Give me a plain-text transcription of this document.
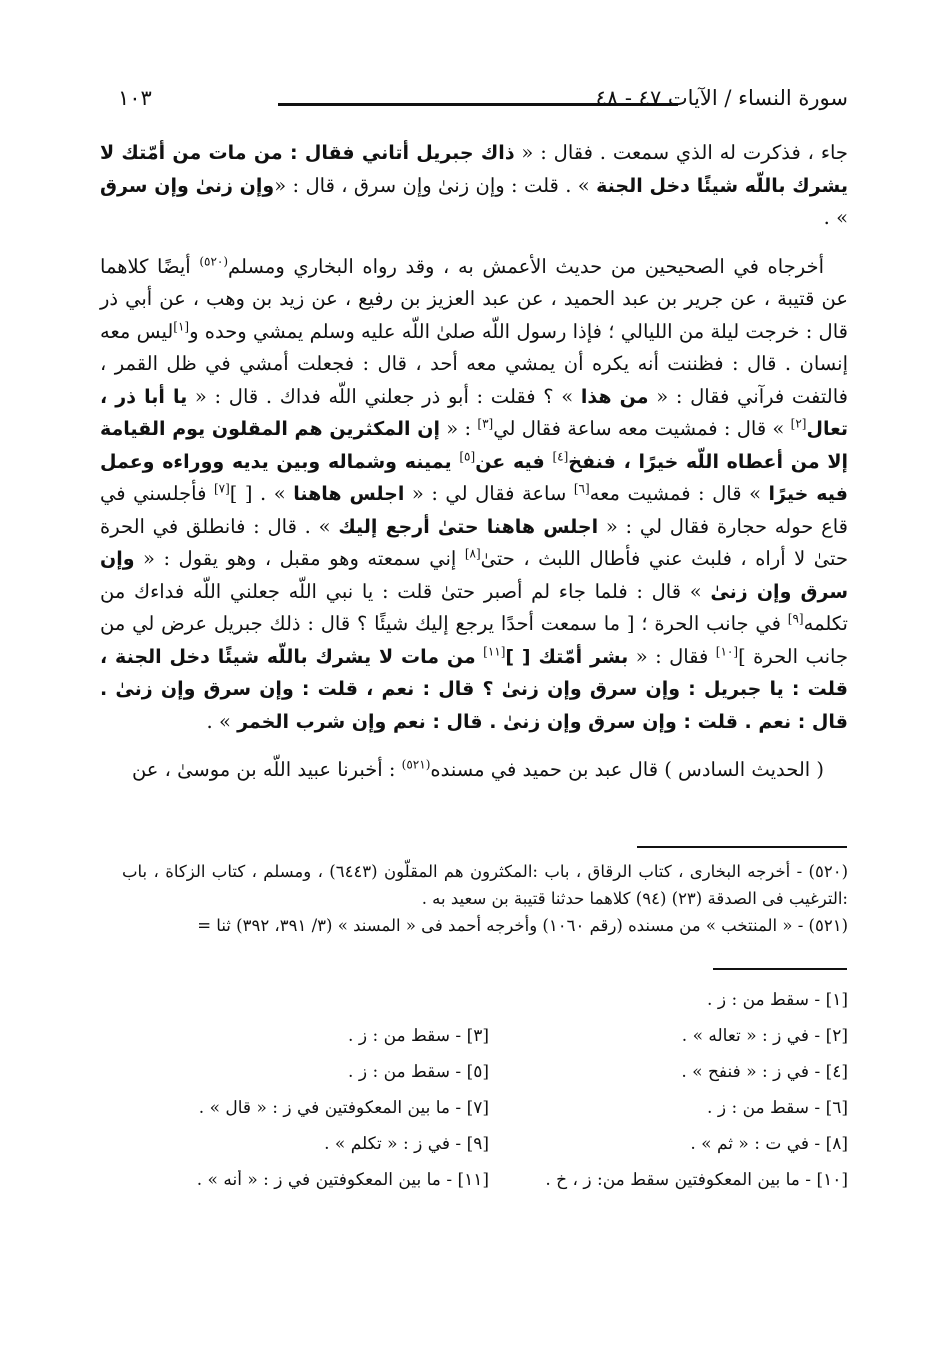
١٠٣	سورة النساء / الآيات ٤٧ - ٤٨

جاء ، فذكرت له الذي سمعت . فقال : « ذاك جبريل أتاني فقال : من مات من أمّتك لا يشرك باللّه شيئًا دخل الجنة » . قلت : وإن زنىٰ وإن سرق ، قال : «وإن زنىٰ وإن سرق » .

أخرجاه في الصحيحين من حديث الأعمش به ، وقد رواه البخاري ومسلم$^{(٥٢٠)}$ أيضًا كلاهما عن قتيبة ، عن جرير بن عبد الحميد ، عن عبد العزيز بن رفيع ، عن زيد بن وهب ، عن أبي ذر قال : خرجت ليلة من الليالي ؛ فإذا رسول اللّه صلىٰ اللّه عليه وسلم يمشي وحده و[١]ليس معه إنسان . قال : فظننت أنه يكره أن يمشي معه أحد ، قال : فجعلت أمشي في ظل القمر ، فالتفت فرآني فقال : « من هذا » ؟ فقلت : أبو ذر جعلني اللّه فداك . قال : « يا أبا ذر ، تعال[٢] » قال : فمشيت معه ساعة فقال لي[٣] : « إن المكثرين هم المقلون يوم القيامة إلا من أعطاه اللّه خيرًا ، فنفخ[٤] فيه عن[٥] يمينه وشماله وبين يديه ووراءه وعمل فيه خيرًا » قال : فمشيت معه[٦] ساعة فقال لي : « اجلس هاهنا » . [ ][٧] فأجلسني في قاع حوله حجارة فقال لي : « اجلس هاهنا حتىٰ أرجع إليك » . قال : فانطلق في الحرة حتىٰ لا أراه ، فلبث عني فأطال اللبث ، حتىٰ[٨] إني سمعته وهو مقبل ، وهو يقول : « وإن سرق وإن زنىٰ » قال : فلما جاء لم أصبر حتىٰ قلت : يا نبي اللّه جعلني اللّه فداءك من تكلمه[٩] في جانب الحرة ؛ [ ما سمعت أحدًا يرجع إليك شيئًا ؟ قال : ذلك جبريل عرض لي من جانب الحرة ][١٠] فقال : « بشر أمّتك [ ][١١] من مات لا يشرك باللّه شيئًا دخل الجنة ، قلت : يا جبريل : وإن سرق وإن زنىٰ ؟ قال : نعم ، قلت : وإن سرق وإن زنىٰ . قال : نعم . قلت : وإن سرق وإن زنىٰ . قال : نعم وإن شرب الخمر » .

( الحديث السادس ) قال عبد بن حميد في مسنده$^{(٥٢١)}$ : أخبرنا عبيد اللّه بن موسىٰ ، عن

(٥٢٠) - أخرجه البخارى ، كتاب الرقاق ، باب :المكثرون هم المقلّون (٦٤٤٣) ، ومسلم ، كتاب الزكاة ، باب :الترغيب فى الصدقة (٢٣) (٩٤) كلاهما حدثنا قتيبة بن سعيد به .

(٥٢١) - « المنتخب » من مسنده (رقم ١٠٦٠) وأخرجه أحمد فى « المسند » (٣/ ٣٩١، ٣٩٢) ثنا =

[١] - سقط من : ز .
[٢] - في ز : « تعاله » .
[٣] - سقط من : ز .
[٤] - في ز : « فنفح » .
[٥] - سقط من : ز .
[٦] - سقط من : ز .
[٧] - ما بين المعكوفتين في ز : « قال » .
[٨] - في ت : « ثم » .
[٩] - في ز : « تكلم » .
[١٠] - ما بين المعكوفتين سقط من: ز ، خ .
[١١] - ما بين المعكوفتين في ز : « أنه » .
